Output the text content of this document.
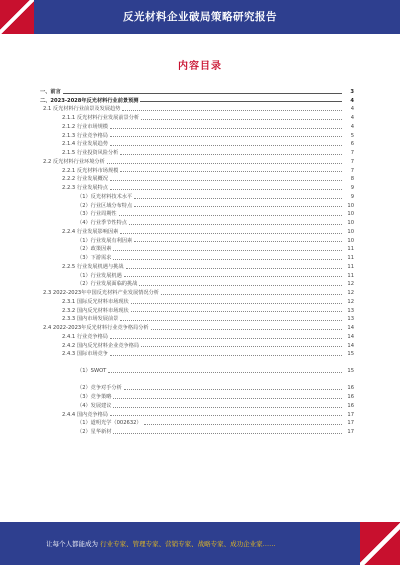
反光材料企业破局策略研究报告
内容目录
一、前言	3
二、2023-2028年反光材料行业前景预测	4
2.1 反光材料行业前景及发展趋势	4
2.1.1 反光材料行业发展前景分析	4
2.1.2 行业市场规模	4
2.1.3 行业竞争格局	5
2.1.4 行业发展趋势	6
2.1.5 行业投资风险分析	7
2.2 反光材料行业环境分析	7
2.2.1 反光材料市场规模	7
2.2.2 行业发展概况	8
2.2.3 行业发展特点	9
（1）反光材料技术水平	9
（2）行业区域分布特点	10
（3）行业周期性	10
（4）行业季节性特点	10
2.2.4 行业发展影响因素	10
（1）行业发展有利因素	10
（2）政策因素	11
（3）下游需求	11
2.2.5 行业发展机遇与挑战	11
（1）行业发展机遇	11
（2）行业发展面临的挑战	12
2.3 2022-2023年中国反光材料产业发展情况分析	12
2.3.1 国际反光材料市场现状	12
2.3.2 国内反光材料市场现状	13
2.3.3 国内市场发展前景	13
2.4 2022-2023年反光材料行业竞争格局分析	14
2.4.1 行业竞争格局	14
2.4.2 国内反光材料企业竞争格局	14
2.4.3 国际市场竞争	15
（1）SWOT	15
（2）竞争对手分析	16
（3）竞争策略	16
（4）发展建议	16
2.4.4 国内竞争格局	17
（1）道明光学（002632）	17
（2）星华新材	17
让每个人都能成为 行业专家、管理专家、营销专家、战略专家、成功企业家……
